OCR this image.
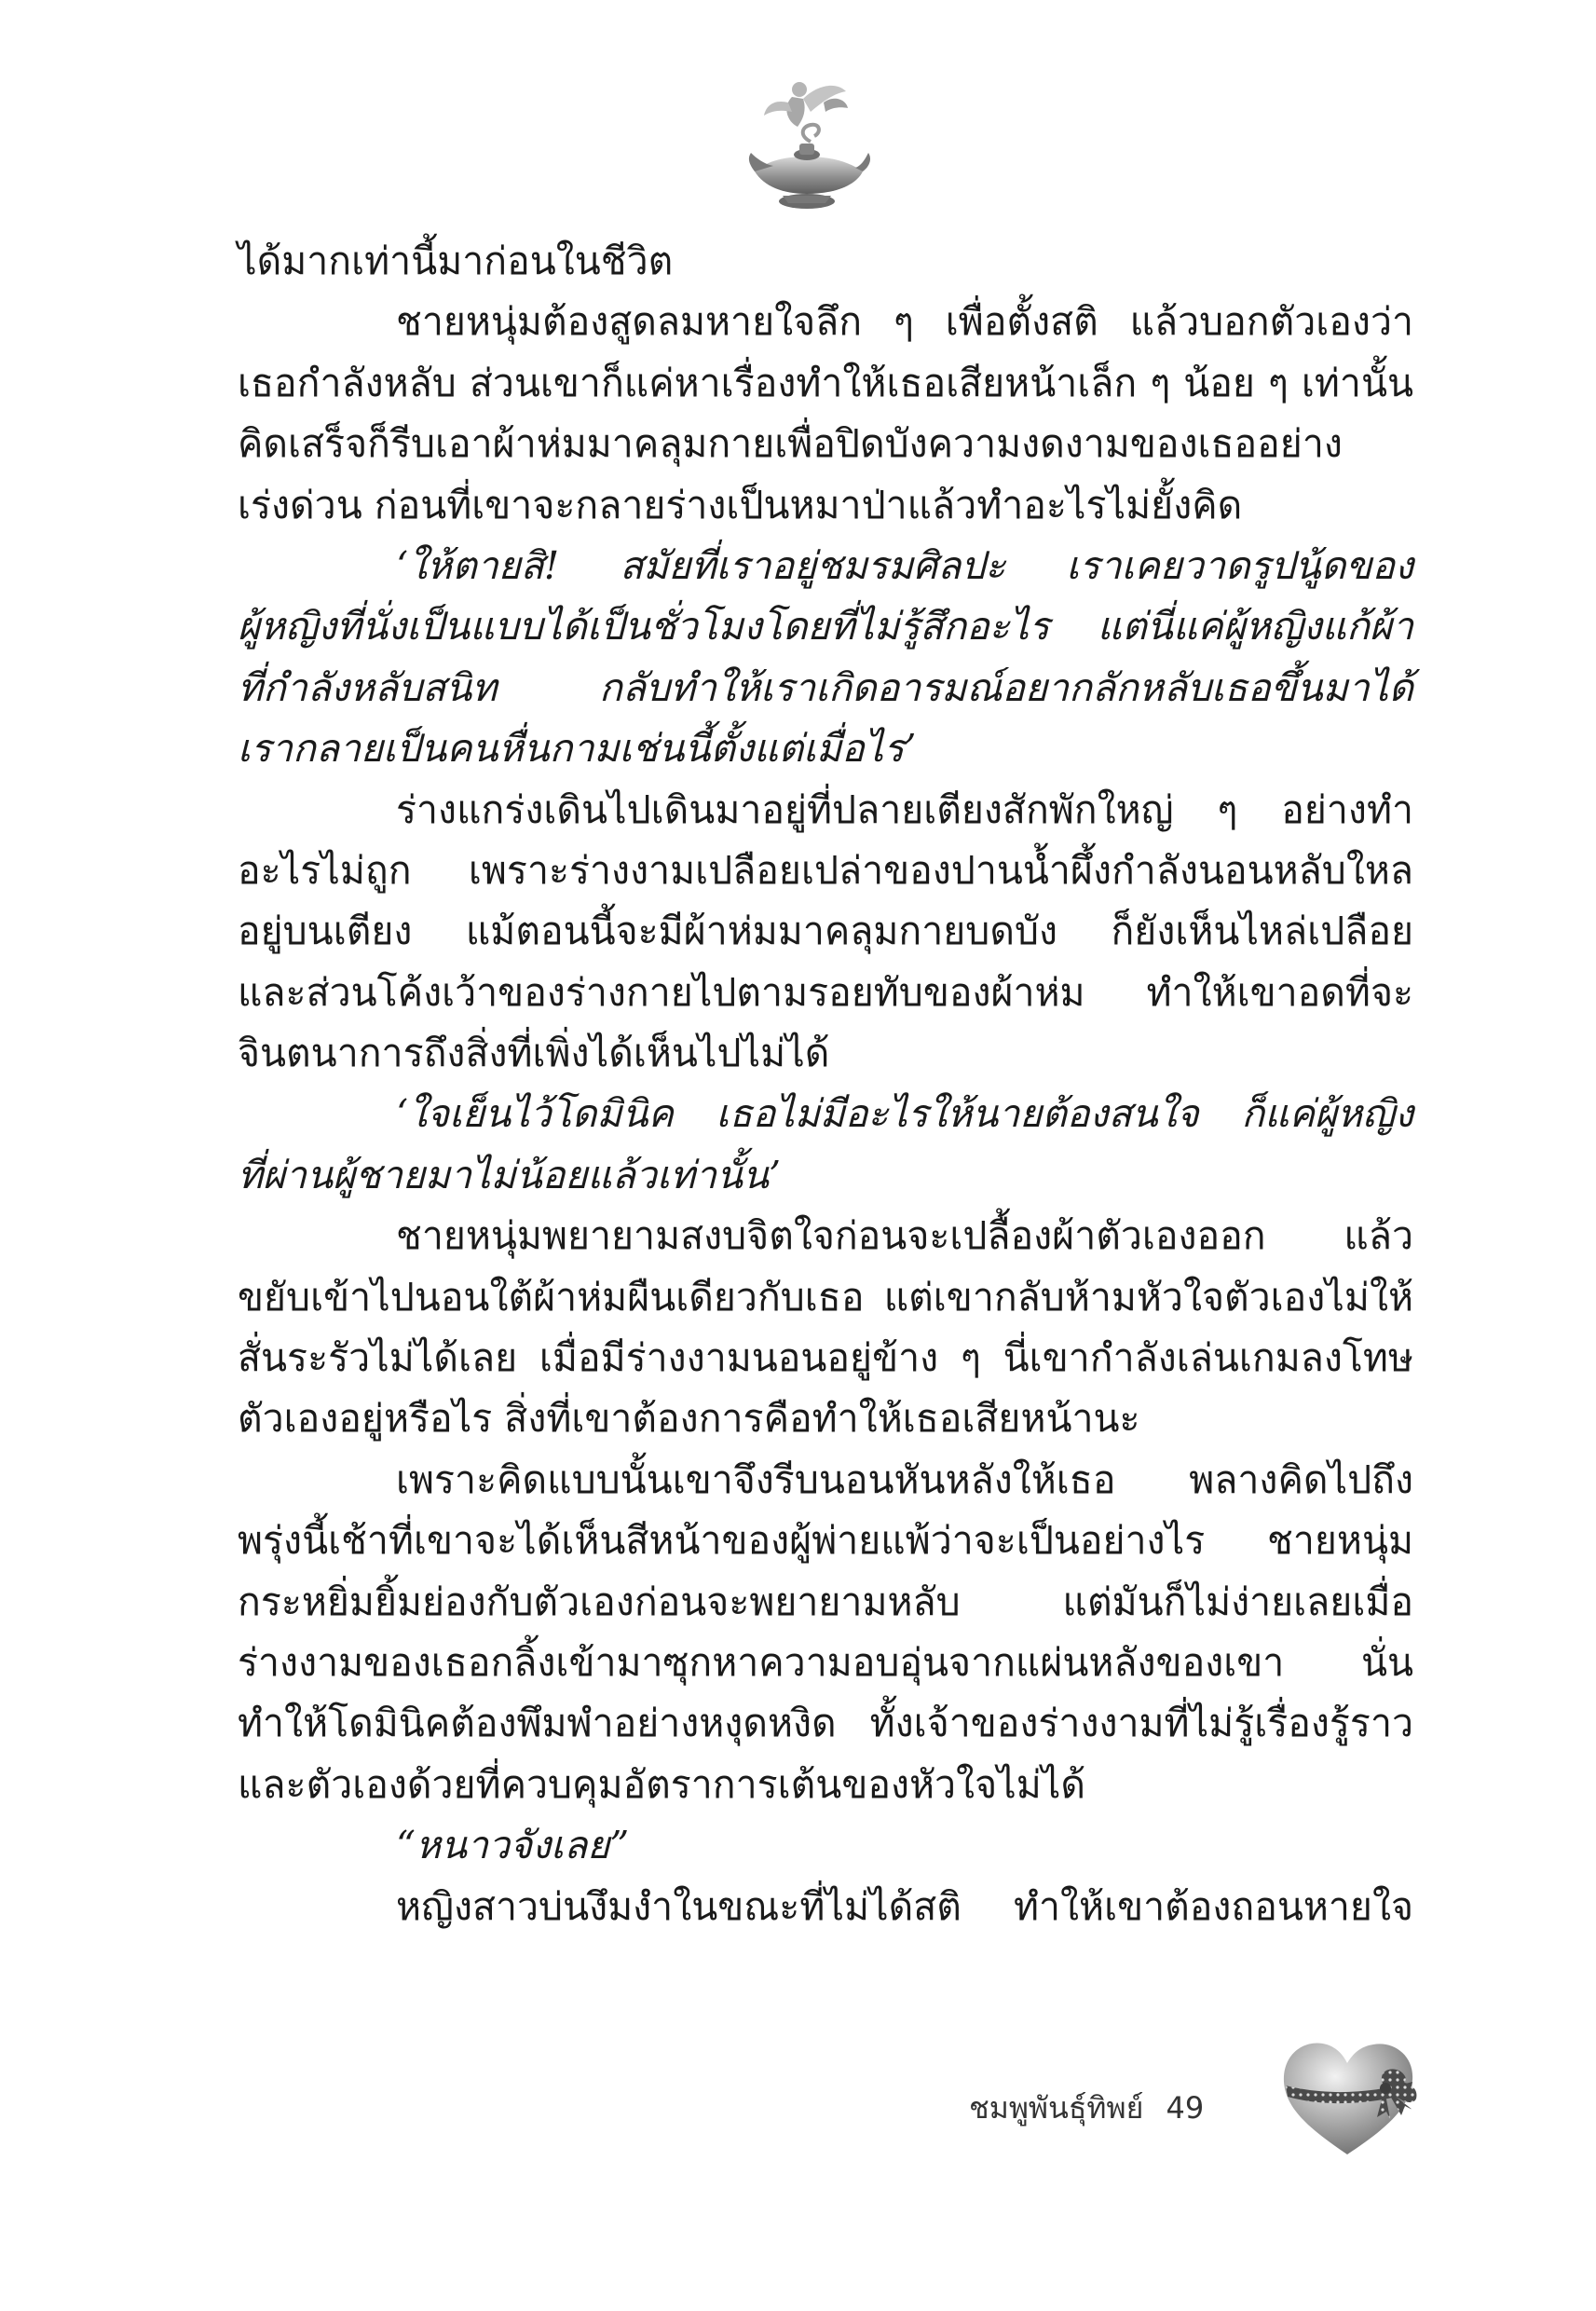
ได้มากเท่านี้มาก่อนในชีวิต
ชายหนุ่มต้องสูดลมหายใจลึก ๆ เพื่อตั้งสติ แล้วบอกตัวเองว่า
เธอกำลังหลับ ส่วนเขาก็แค่หาเรื่องทำให้เธอเสียหน้าเล็ก ๆ น้อย ๆ เท่านั้น
คิดเสร็จก็รีบเอาผ้าห่มมาคลุมกายเพื่อปิดบังความงดงามของเธออย่าง
เร่งด่วน ก่อนที่เขาจะกลายร่างเป็นหมาป่าแล้วทำอะไรไม่ยั้งคิด
‘ให้ตายสิ! สมัยที่เราอยู่ชมรมศิลปะ เราเคยวาดรูปนู้ดของ
ผู้หญิงที่นั่งเป็นแบบได้เป็นชั่วโมงโดยที่ไม่รู้สึกอะไร แต่นี่แค่ผู้หญิงแก้ผ้า
ที่กำลังหลับสนิท กลับทำให้เราเกิดอารมณ์อยากลักหลับเธอขึ้นมาได้
เรากลายเป็นคนหื่นกามเช่นนี้ตั้งแต่เมื่อไร’
ร่างแกร่งเดินไปเดินมาอยู่ที่ปลายเตียงสักพักใหญ่ ๆ อย่างทำ
อะไรไม่ถูก เพราะร่างงามเปลือยเปล่าของปานน้ำผึ้งกำลังนอนหลับใหล
อยู่บนเตียง แม้ตอนนี้จะมีผ้าห่มมาคลุมกายบดบัง ก็ยังเห็นไหล่เปลือย
และส่วนโค้งเว้าของร่างกายไปตามรอยทับของผ้าห่ม ทำให้เขาอดที่จะ
จินตนาการถึงสิ่งที่เพิ่งได้เห็นไปไม่ได้
‘ใจเย็นไว้โดมินิค เธอไม่มีอะไรให้นายต้องสนใจ ก็แค่ผู้หญิง
ที่ผ่านผู้ชายมาไม่น้อยแล้วเท่านั้น’
ชายหนุ่มพยายามสงบจิตใจก่อนจะเปลื้องผ้าตัวเองออก แล้ว
ขยับเข้าไปนอนใต้ผ้าห่มผืนเดียวกับเธอ แต่เขากลับห้ามหัวใจตัวเองไม่ให้
สั่นระรัวไม่ได้เลย เมื่อมีร่างงามนอนอยู่ข้าง ๆ นี่เขากำลังเล่นเกมลงโทษ
ตัวเองอยู่หรือไร สิ่งที่เขาต้องการคือทำให้เธอเสียหน้านะ
เพราะคิดแบบนั้นเขาจึงรีบนอนหันหลังให้เธอ พลางคิดไปถึง
พรุ่งนี้เช้าที่เขาจะได้เห็นสีหน้าของผู้พ่ายแพ้ว่าจะเป็นอย่างไร ชายหนุ่ม
กระหยิ่มยิ้มย่องกับตัวเองก่อนจะพยายามหลับ แต่มันก็ไม่ง่ายเลยเมื่อ
ร่างงามของเธอกลิ้งเข้ามาซุกหาความอบอุ่นจากแผ่นหลังของเขา นั่น
ทำให้โดมินิคต้องพึมพำอย่างหงุดหงิด ทั้งเจ้าของร่างงามที่ไม่รู้เรื่องรู้ราว
และตัวเองด้วยที่ควบคุมอัตราการเต้นของหัวใจไม่ได้
“หนาวจังเลย”
หญิงสาวบ่นงึมงำในขณะที่ไม่ได้สติ ทำให้เขาต้องถอนหายใจ
ชมพูพันธุ์ทิพย์ 49
